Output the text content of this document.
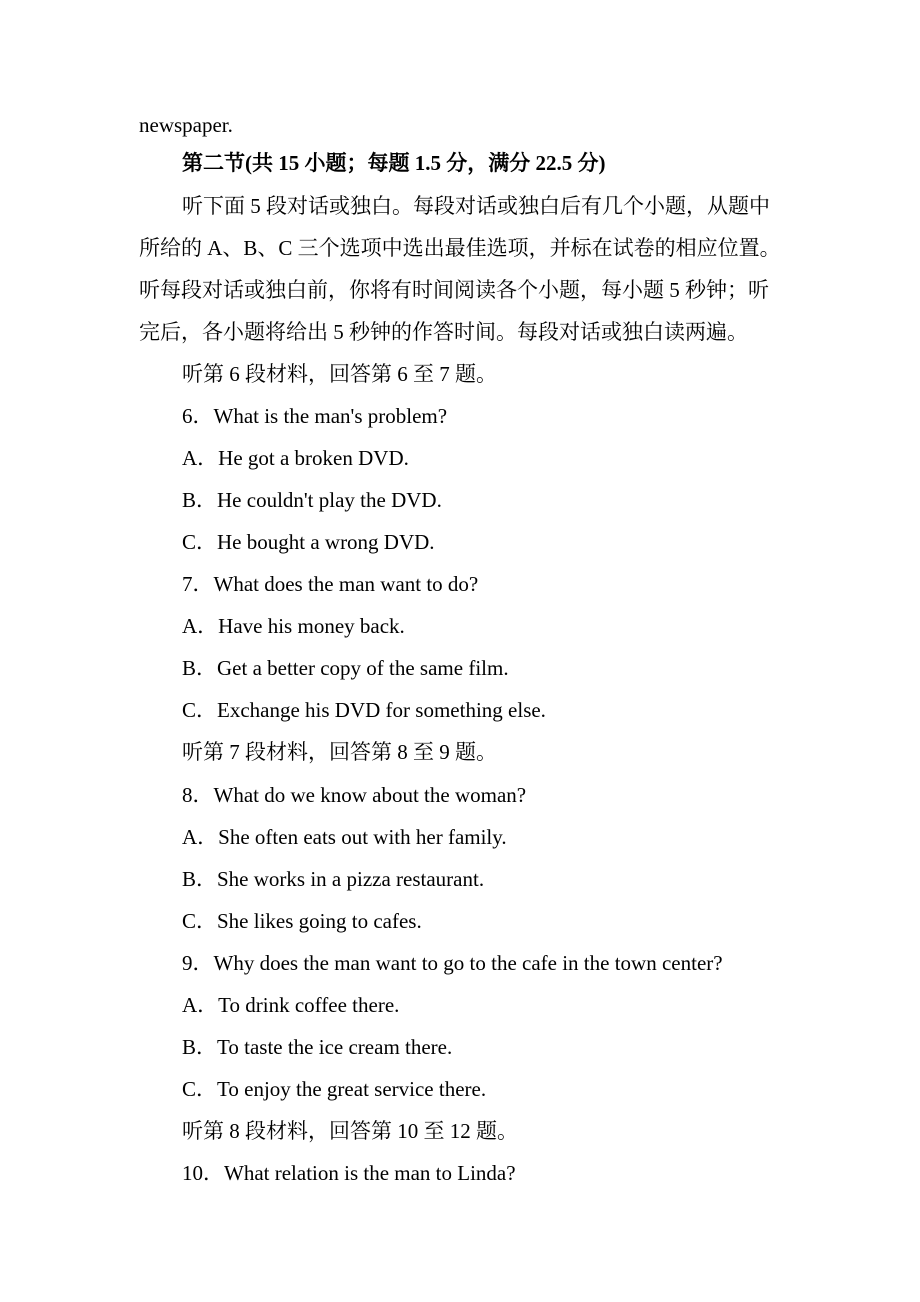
newspaper.
第二节(共 15 小题；每题 1.5 分，满分 22.5 分)
听下面 5 段对话或独白。每段对话或独白后有几个小题，从题中
所给的 A、B、C 三个选项中选出最佳选项，并标在试卷的相应位置。
听每段对话或独白前，你将有时间阅读各个小题，每小题 5 秒钟；听
完后，各小题将给出 5 秒钟的作答时间。每段对话或独白读两遍。
听第 6 段材料，回答第 6 至 7 题。
6．What is the man's problem?
A．He got a broken DVD.
B．He couldn't play the DVD.
C．He bought a wrong DVD.
7．What does the man want to do?
A．Have his money back.
B．Get a better copy of the same film.
C．Exchange his DVD for something else.
听第 7 段材料，回答第 8 至 9 题。
8．What do we know about the woman?
A．She often eats out with her family.
B．She works in a pizza restaurant.
C．She likes going to cafes.
9．Why does the man want to go to the cafe in the town center?
A．To drink coffee there.
B．To taste the ice cream there.
C．To enjoy the great service there.
听第 8 段材料，回答第 10 至 12 题。
10．What relation is the man to Linda?
